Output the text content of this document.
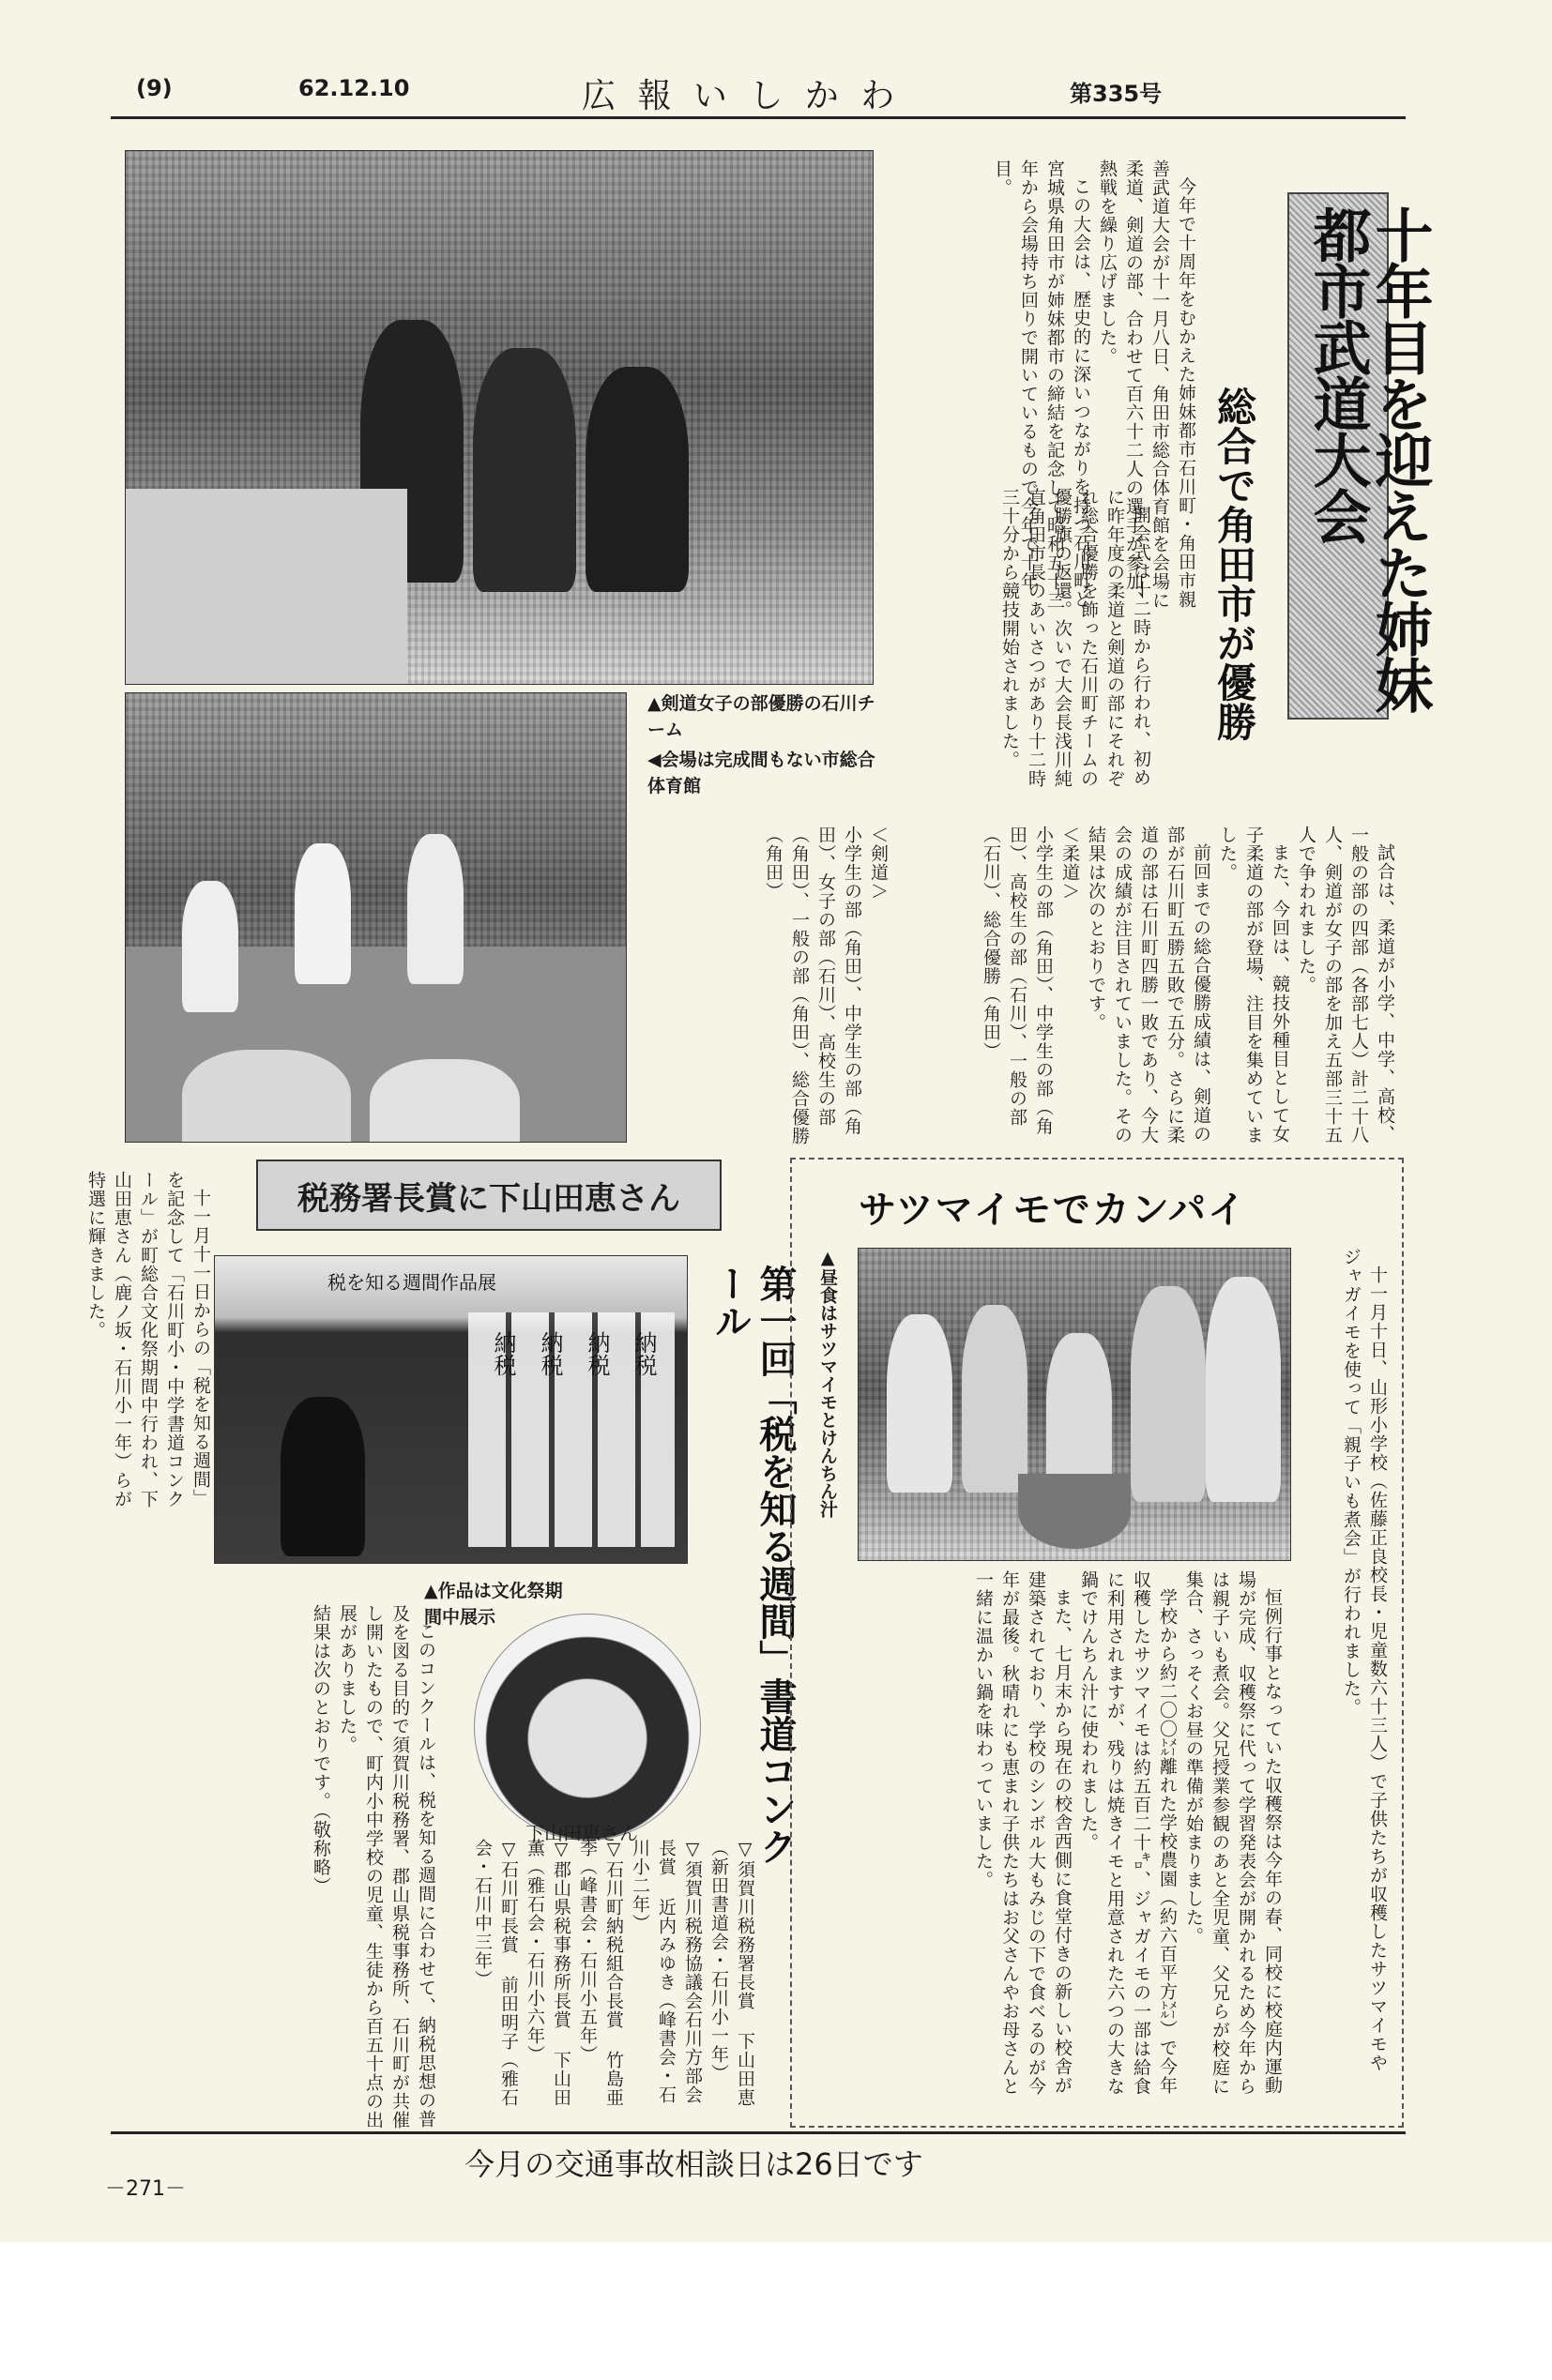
(9)	62.12.10	広 報 い し か わ	第335号
十年目を迎えた姉妹都市武道大会
総合で角田市が優勝

今年で十周年をむかえた姉妹都市石川町・角田市親善武道大会が十一月八日、角田市総合体育館を会場に柔道、剣道の部、合わせて百六十二人の選手が参加、熱戦を繰り広げました。

この大会は、歴史的に深いつながりを持つ石川町と宮城県角田市が姉妹都市の締結を記念して昭和五十三年から会場持ち回りで開いているもので今年で十年目。

開会式は十二時から行われ、初めに昨年度の柔道と剣道の部にそれぞれ総合優勝を飾った石川町チームの優勝旗の返還。次いで大会長浅川純直角田市長のあいさつがあり十二時三十分から競技開始されました。

▲剣道女子の部優勝の石川チーム
◀会場は完成間もない市総合体育館

試合は、柔道が小学、中学、高校、一般の部の四部（各部七人）計二十八人、剣道が女子の部を加え五部三十五人で争われました。

また、今回は、競技外種目として女子柔道の部が登場、注目を集めていました。

前回までの総合優勝成績は、剣道の部が石川町五勝五敗で五分。さらに柔道の部は石川町四勝一敗であり、今大会の成績が注目されていました。その結果は次のとおりです。

＜柔道＞

小学生の部（角田）、中学生の部（角田）、高校生の部（石川）、一般の部（石川）、総合優勝（角田）

＜剣道＞

小学生の部（角田）、中学生の部（角田）、女子の部（石川）、高校生の部（角田）、一般の部（角田）、総合優勝（角田）

税務署長賞に下山田恵さん
第一回「税を知る週間」書道コンクール

十一月十一日からの「税を知る週間」を記念して「石川町小・中学書道コンクール」が町総合文化祭期間中行われ、下山田恵さん（鹿ノ坂・石川小一年）らが特選に輝きました。	税を知る週間作品展
納税 納税 納税 納税
▲作品は文化祭期間中展示
下山田恵さん

このコンクールは、税を知る週間に合わせて、納税思想の普及を図る目的で須賀川税務署、郡山県税事務所、石川町が共催し開いたもので、町内小中学校の児童、生徒から百五十点の出展がありました。

結果は次のとおりです。（敬称略）

▽須賀川税務署長賞 下山田恵（新田書道会・石川小一年）

▽須賀川税務協議会石川方部会長賞 近内みゆき（峰書会・石川小二年）

▽石川町納税組合長賞 竹島亜季（峰書会・石川小五年）

▽郡山県税事務所長賞 下山田薫（雅石会・石川小六年）

▽石川町長賞 前田明子（雅石会・石川中三年）

サツマイモでカンパイ
▲昼食はサツマイモとけんちん汁	十一月十日、山形小学校（佐藤正良校長・児童数六十三人）で子供たちが収穫したサツマイモやジャガイモを使って「親子いも煮会」が行われました。

恒例行事となっていた収穫祭は今年の春、同校に校庭内運動場が完成、収穫祭に代って学習発表会が開かれるため今年からは親子いも煮会。父兄授業参観のあと全児童、父兄らが校庭に集合、さっそくお昼の準備が始まりました。

学校から約二〇〇㍍離れた学校農園（約六百平方㍍）で今年収穫したサツマイモは約五百二十㌔、ジャガイモの一部は給食に利用されますが、残りは焼きイモと用意された六つの大きな鍋でけんちん汁に使われました。

また、七月末から現在の校舎西側に食堂付きの新しい校舎が建築されており、学校のシンボル大もみじの下で食べるのが今年が最後。秋晴れにも恵まれ子供たちはお父さんやお母さんと一緒に温かい鍋を味わっていました。

今月の交通事故相談日は26日です
－271－
